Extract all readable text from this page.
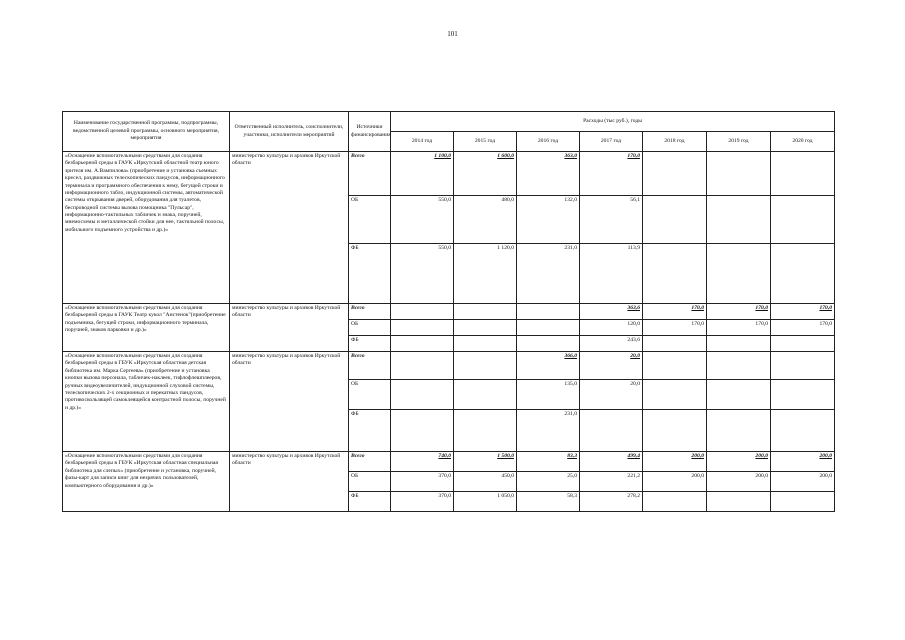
101
Наименование государственной программы, подпрограммы, ведомственной целевой программы, основного мероприятия, мероприятия	Ответственный исполнитель, соисполнители, участники, исполнители мероприятий	Источники финансирования	Расходы (тыс руб.), годы						
			2014 год	2015 год	2016 год	2017 год	2018 год	2019 год	2020 год
«Оснащение вспомогательными средствами для создания безбарьерной среды в ГАУК «Иркутский областной театр юного зрителя им. А.Вампилова» (приобретение и установка съемных кресел, раздвижных телескопических пандусов, информационного терминала и программного обеспечения к нему, бегущей строки и информационного табло, индукционной системы, автоматической системы открывания дверей, оборудования для туалетов, беспроводной системы вызова помощника "Пульсар", информационно-тактильных табличек и знака, поручней, мнемосхемы и металлической стойки для нее, тактильной полосы, мобильного подъемного устройства и др.)»	министерство культуры и архивов Иркутской области	Всего	1 100,0	1 600,0	363,0	170,0			
		ОБ	550,0	480,0	132,0	56,1			
		ФБ	550,0	1 120,0	231,0	113,9			
«Оснащение вспомогательными средствами для создания безбарьерной среды в ГАУК Театр кукол "Аистенок"(приобретение подъемника, бегущей строки, информационного терминала, поручней, знаков парковки и др.)»	министерство культуры и архивов Иркутской области	Всего				363,6	170,0	170,0	170,0
		ОБ				120,0	170,0	170,0	170,0
		ФБ				243,6			
«Оснащение вспомогательными средствами для создания безбарьерной среды в ГБУК «Иркутская областная детская библиотека им. Марка Сергеева» (приобретение и установка кнопки вызова персонала, табличек-наклеек, тифлофлешплееров, ручных видеоувеличителей, индукционной слуховой системы, телескопических 2-х секционных и перекатных пандусов, противоскользящей самоклеящейся контрастной полосы, поручней и др.)»	министерство культуры и архивов Иркутской области	Всего			366,0	20,0			
		ОБ			135,0	20,0			
		ФБ			231,0				
«Оснащение вспомогательными средствами для создания безбарьерной среды в ГБУК «Иркутская областная специальная библиотека для слепых» (приобретение и установка, поручней, фазы-карт для записи книг для незрячих пользователей, компьютерного оборудования и др.)»	министерство культуры и архивов Иркутской области	Всего	740,0	1 500,0	83,3	499,4	200,0	200,0	200,0
		ОБ	370,0	450,0	25,0	221,2	200,0	200,0	200,0
		ФБ	370,0	1 050,0	58,3	278,2			
